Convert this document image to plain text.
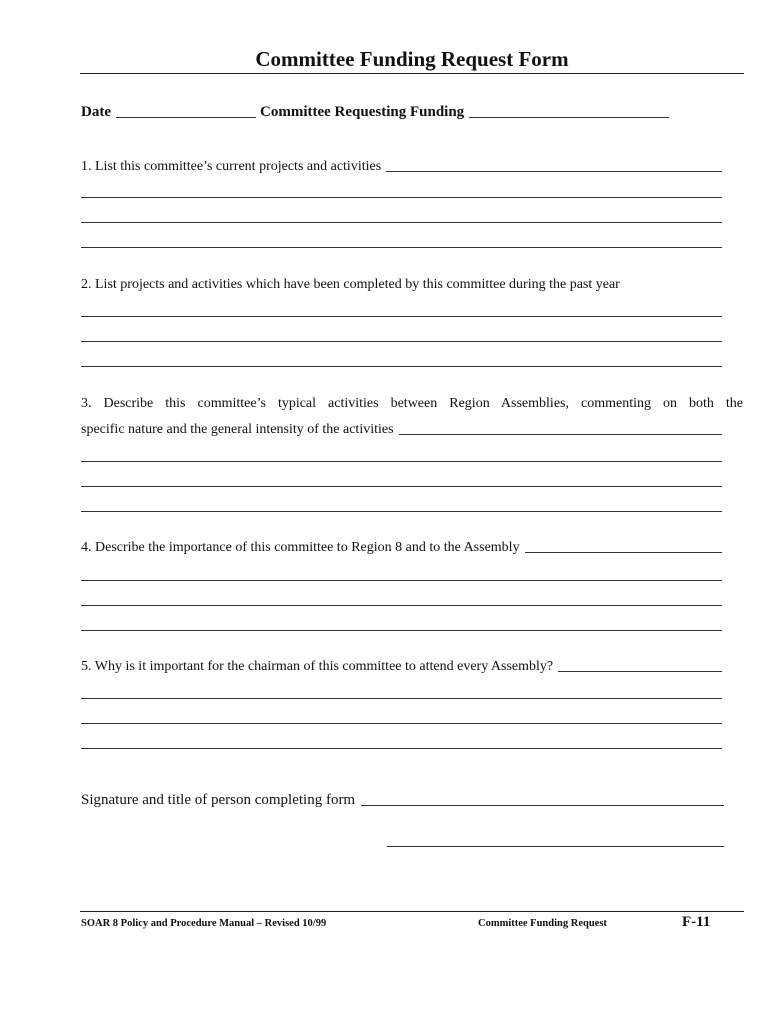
Committee Funding Request Form
Date	Committee Requesting Funding
1. List this committee’s current projects and activities
2. List projects and activities which have been completed by this committee during the past year
3. Describe this committee’s typical activities between Region Assemblies, commenting on both the
specific nature and the general intensity of the activities
4. Describe the importance of this committee to Region 8 and to the Assembly
5. Why is it important for the chairman of this committee to attend every Assembly?
Signature and title of person completing form
SOAR 8 Policy and Procedure Manual – Revised 10/99	Committee Funding Request	F-11
